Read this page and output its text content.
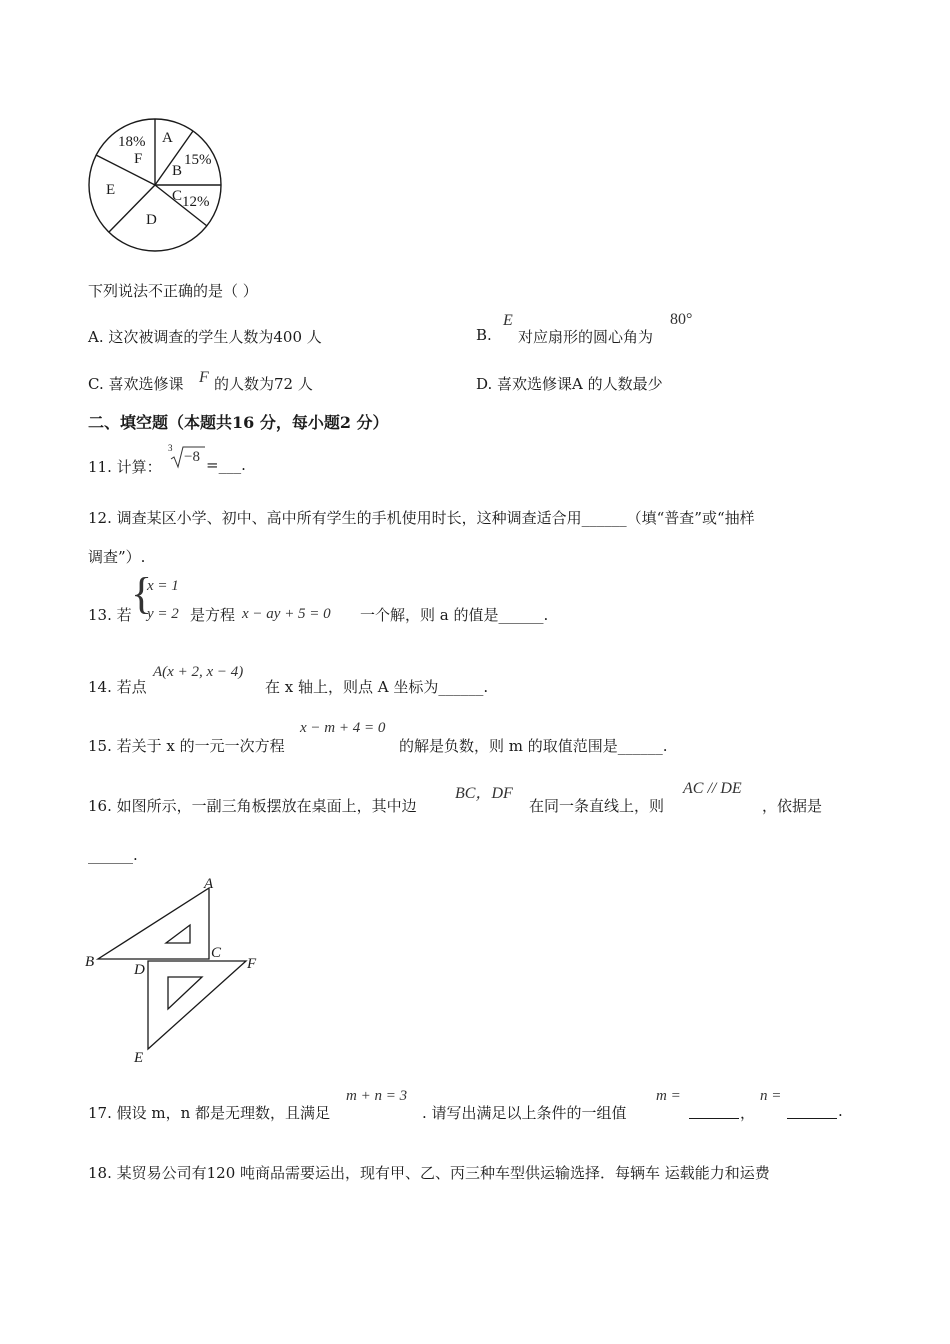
A
B
15%
C 12%
D
E
18%
F
下列说法不正确的是（ ）
A. 这次被调查的学生人数为400 人	B.
E
对应扇形的圆心角为
80°
C. 喜欢选修课 F 的人数为72 人	D. 喜欢选修课A 的人数最少
二、填空题（本题共16 分，每小题2 分）
11. 计算：
3
−8 =___.
12. 调查某区小学、初中、高中所有学生的手机使用时长，这种调查适合用______（填“普查”或“抽样
调查”）.
13. 若 {
x = 1
y = 2 是方程 x − ay + 5 = 0 一个解，则 a 的值是______.
14. 若点
A(x + 2, x − 4)
在 x 轴上，则点 A 坐标为______.
15. 若关于 x 的一元一次方程
x − m + 4 = 0
的解是负数，则 m 的取值范围是______.
16. 如图所示，一副三角板摆放在桌面上，其中边
BC，DF
在同一条直线上，则
AC // DE
，依据是
______.
A
B
C
D
E
F
17. 假设 m，n 都是无理数，且满足
m + n = 3
. 请写出满足以上条件的一组值
m =
，
n =
.
18. 某贸易公司有120 吨商品需要运出，现有甲、乙、丙三种车型供运输选择．每辆车 运载能力和运费
